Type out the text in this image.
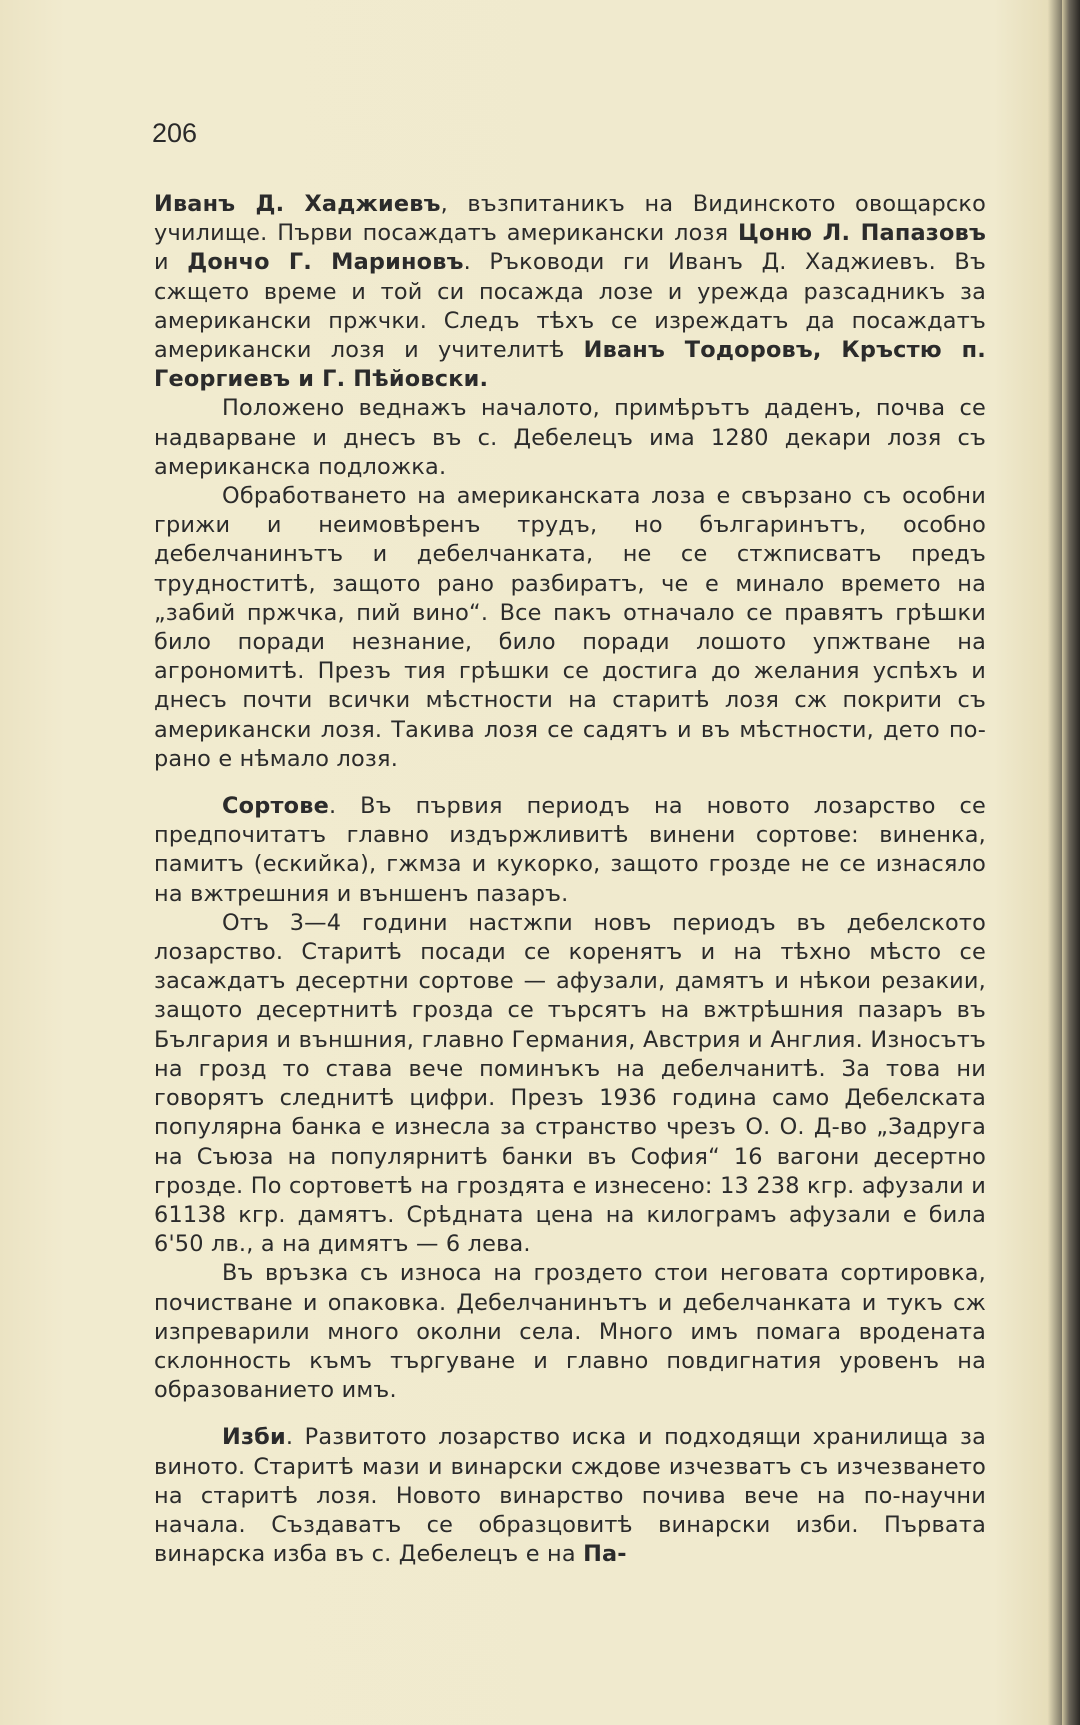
206

Иванъ Д. Хаджиевъ, възпитаникъ на Видинското овощарско училище. Първи посаждатъ американски лозя Цоню Л. Папазовъ и Дончо Г. Мариновъ. Ръководи ги Иванъ Д. Хаджиевъ. Въ сжщето време и той си посажда лозе и урежда разсадникъ за американски пржчки. Следъ тѣхъ се изреждатъ да посаждатъ американски лозя и учителитѣ Иванъ Тодоровъ, Кръстю п. Георгиевъ и Г. Пѣйовски.

Положено веднажъ началото, примѣрътъ даденъ, почва се надварване и днесъ въ с. Дебелецъ има 1280 декари лозя съ американска подложка.

Обработването на американската лоза е свързано съ особни грижи и неимовѣренъ трудъ, но българинътъ, особно дебелчанинътъ и дебелчанката, не се стжписватъ предъ трудноститѣ, защото рано разбиратъ, че е минало времето на „забий пржчка, пий вино“. Все пакъ отначало се правятъ грѣшки било поради незнание, било поради лошото упжтване на агрономитѣ. Презъ тия грѣшки се достига до желания успѣхъ и днесъ почти всички мѣстности на старитѣ лозя сж покрити съ американски лозя. Такива лозя се садятъ и въ мѣстности, дето по-рано е нѣмало лозя.

Сортове. Въ първия периодъ на новото лозарство се предпочитатъ главно издържливитѣ винени сортове: виненка, памитъ (ескийка), гжмза и кукорко, защото гроздe не се изнасяло на вжтрешния и външенъ пазаръ.

Отъ 3—4 години настжпи новъ периодъ въ дебелското лозарство. Старитѣ посади се коренятъ и на тѣхно мѣсто се засаждатъ десертни сортове — афузали, дамятъ и нѣкои резакии, защото десертнитѣ грозда се търсятъ на вжтрѣшния пазаръ въ България и външния, главно Германия, Австрия и Англия. Износътъ на грозд то става вече поминъкъ на дебелчанитѣ. За това ни говорятъ следнитѣ цифри. Презъ 1936 година само Дебелската популярна банка е изнесла за странство чрезъ О. О. Д-во „Задруга на Съюза на популярнитѣ банки въ София“ 16 вагони десертно грозде. По сортоветѣ на гроздята е изнесено: 13 238 кгр. афузали и 61138 кгр. дамятъ. Срѣдната цена на килограмъ афузали е била 6'50 лв., а на димятъ — 6 лева.

Въ връзка съ износа на гроздето стои неговата сортировка, почистване и опаковка. Дебелчанинътъ и дебелчанката и тукъ сж изпреварили много околни села. Много имъ помага вродената склонность къмъ търгуване и главно повдигнатия уровенъ на образованието имъ.

Изби. Развитото лозарство иска и подходящи хранилища за виното. Старитѣ мази и винарски сждове изчезватъ съ изчезването на старитѣ лозя. Новото винарство почива вече на по-научни начала. Създаватъ се образцовитѣ винарски изби. Първата винарска изба въ с. Дебелецъ е на Па-
